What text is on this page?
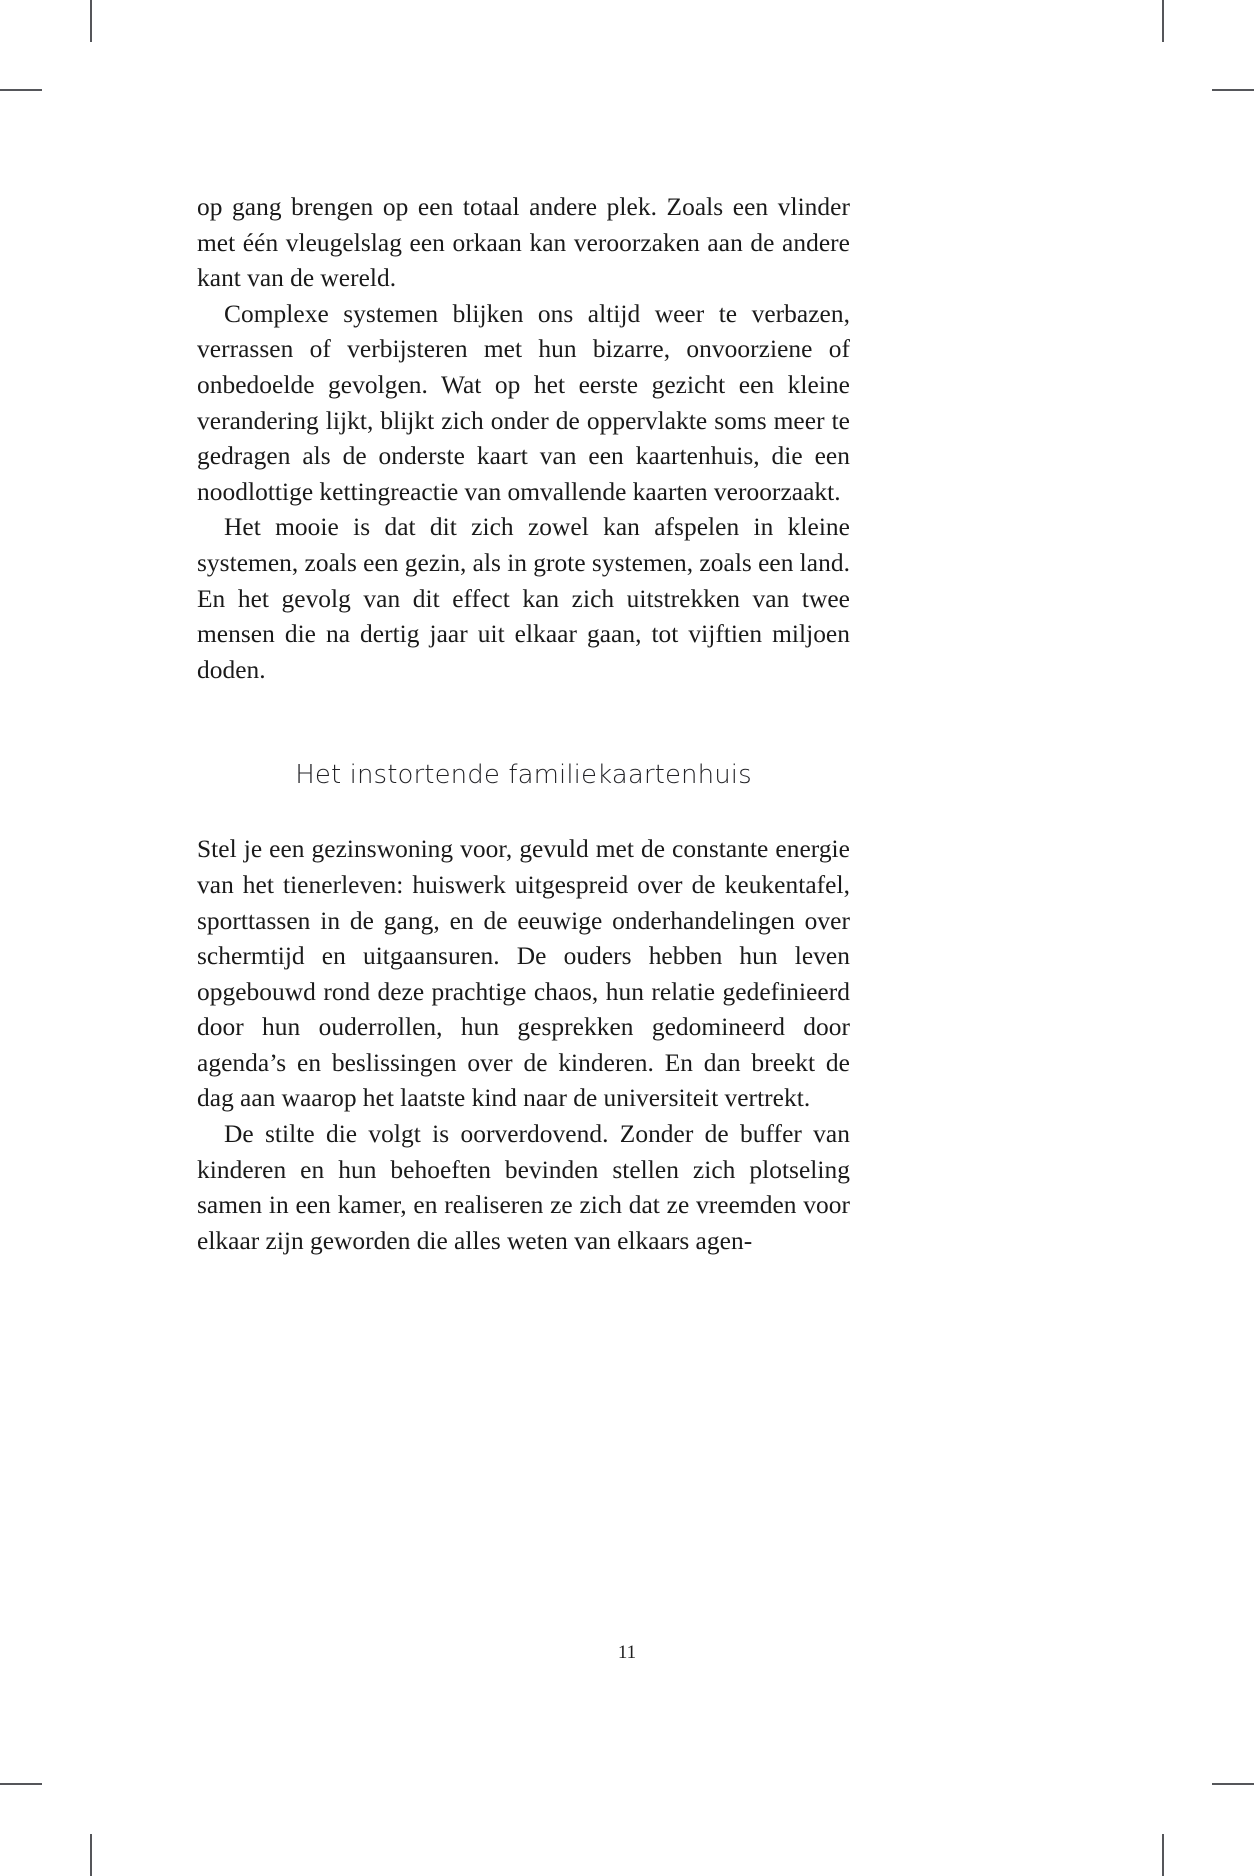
op gang brengen op een totaal andere plek. Zoals een vlinder met één vleugelslag een orkaan kan veroorzaken aan de andere kant van de wereld.

Complexe systemen blijken ons altijd weer te verbazen, verrassen of verbijsteren met hun bizarre, onvoorziene of onbedoelde gevolgen. Wat op het eerste gezicht een kleine verandering lijkt, blijkt zich onder de oppervlakte soms meer te gedragen als de onderste kaart van een kaartenhuis, die een noodlottige kettingreactie van omvallende kaarten veroorzaakt.

Het mooie is dat dit zich zowel kan afspelen in kleine systemen, zoals een gezin, als in grote systemen, zoals een land. En het gevolg van dit effect kan zich uitstrekken van twee mensen die na dertig jaar uit elkaar gaan, tot vijftien miljoen doden.

Het instortende familiekaartenhuis

Stel je een gezinswoning voor, gevuld met de constante energie van het tienerleven: huiswerk uitgespreid over de keukentafel, sporttassen in de gang, en de eeuwige onderhandelingen over schermtijd en uitgaansuren. De ouders hebben hun leven opgebouwd rond deze prachtige chaos, hun relatie gedefinieerd door hun ouderrollen, hun gesprekken gedomineerd door agenda’s en beslissingen over de kinderen. En dan breekt de dag aan waarop het laatste kind naar de universiteit vertrekt.

De stilte die volgt is oorverdovend. Zonder de buffer van kinderen en hun behoeften bevinden stellen zich plotseling samen in een kamer, en realiseren ze zich dat ze vreemden voor elkaar zijn geworden die alles weten van elkaars agen-

11
